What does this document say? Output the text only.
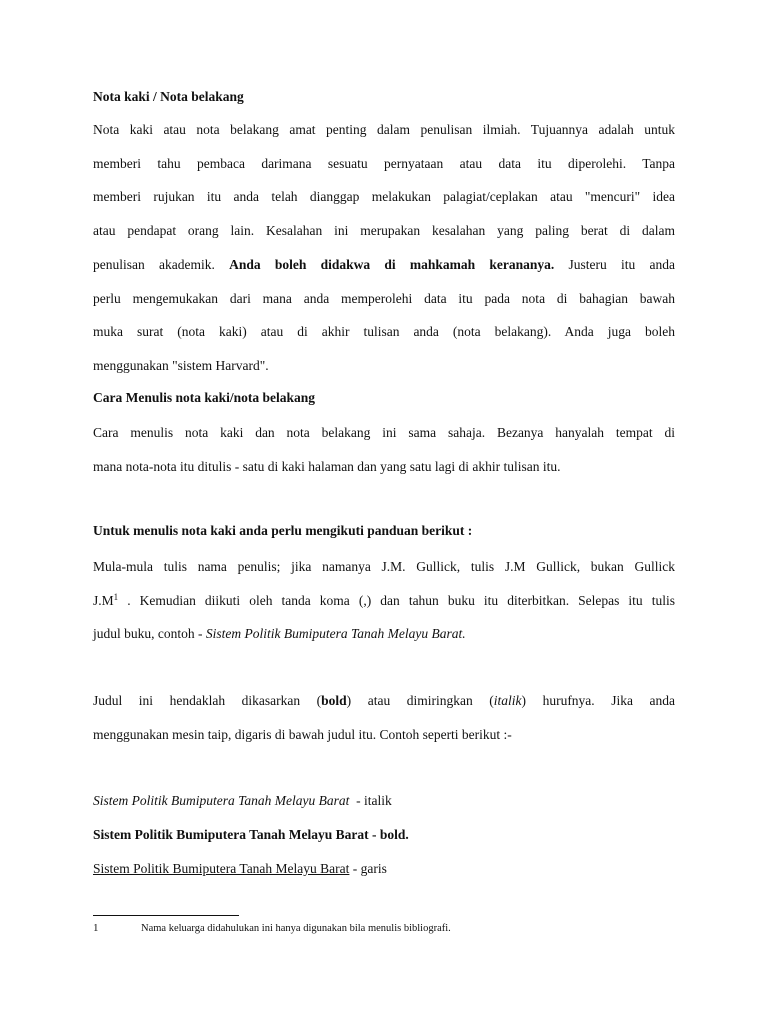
Nota kaki / Nota belakang
Nota kaki atau nota belakang amat penting dalam penulisan ilmiah. Tujuannya adalah untuk
memberi tahu pembaca darimana sesuatu pernyataan atau data itu diperolehi. Tanpa
memberi rujukan itu anda telah dianggap melakukan palagiat/ceplakan atau "mencuri" idea
atau pendapat orang lain. Kesalahan ini merupakan kesalahan yang paling berat di dalam
penulisan akademik. Anda boleh didakwa di mahkamah kerananya. Justeru itu anda
perlu mengemukakan dari mana anda memperolehi data itu pada nota di bahagian bawah
muka surat (nota kaki) atau di akhir tulisan anda (nota belakang). Anda juga boleh
menggunakan "sistem Harvard".
Cara Menulis nota kaki/nota belakang
Cara menulis nota kaki dan nota belakang ini sama sahaja. Bezanya hanyalah tempat di
mana nota-nota itu ditulis - satu di kaki halaman dan yang satu lagi di akhir tulisan itu.
Untuk menulis nota kaki anda perlu mengikuti panduan berikut :
Mula-mula tulis nama penulis; jika namanya J.M. Gullick, tulis J.M Gullick, bukan Gullick
$J.M^1$ . Kemudian diikuti oleh tanda koma (,) dan tahun buku itu diterbitkan. Selepas itu tulis
judul buku, contoh - Sistem Politik Bumiputera Tanah Melayu Barat.
Judul ini hendaklah dikasarkan (bold) atau dimiringkan (italik) hurufnya. Jika anda
menggunakan mesin taip, digaris di bawah judul itu. Contoh seperti berikut :-
Sistem Politik Bumiputera Tanah Melayu Barat  - italik
Sistem Politik Bumiputera Tanah Melayu Barat - bold.
Sistem Politik Bumiputera Tanah Melayu Barat - garis
1	Nama keluarga didahulukan ini hanya digunakan bila menulis bibliografi.
